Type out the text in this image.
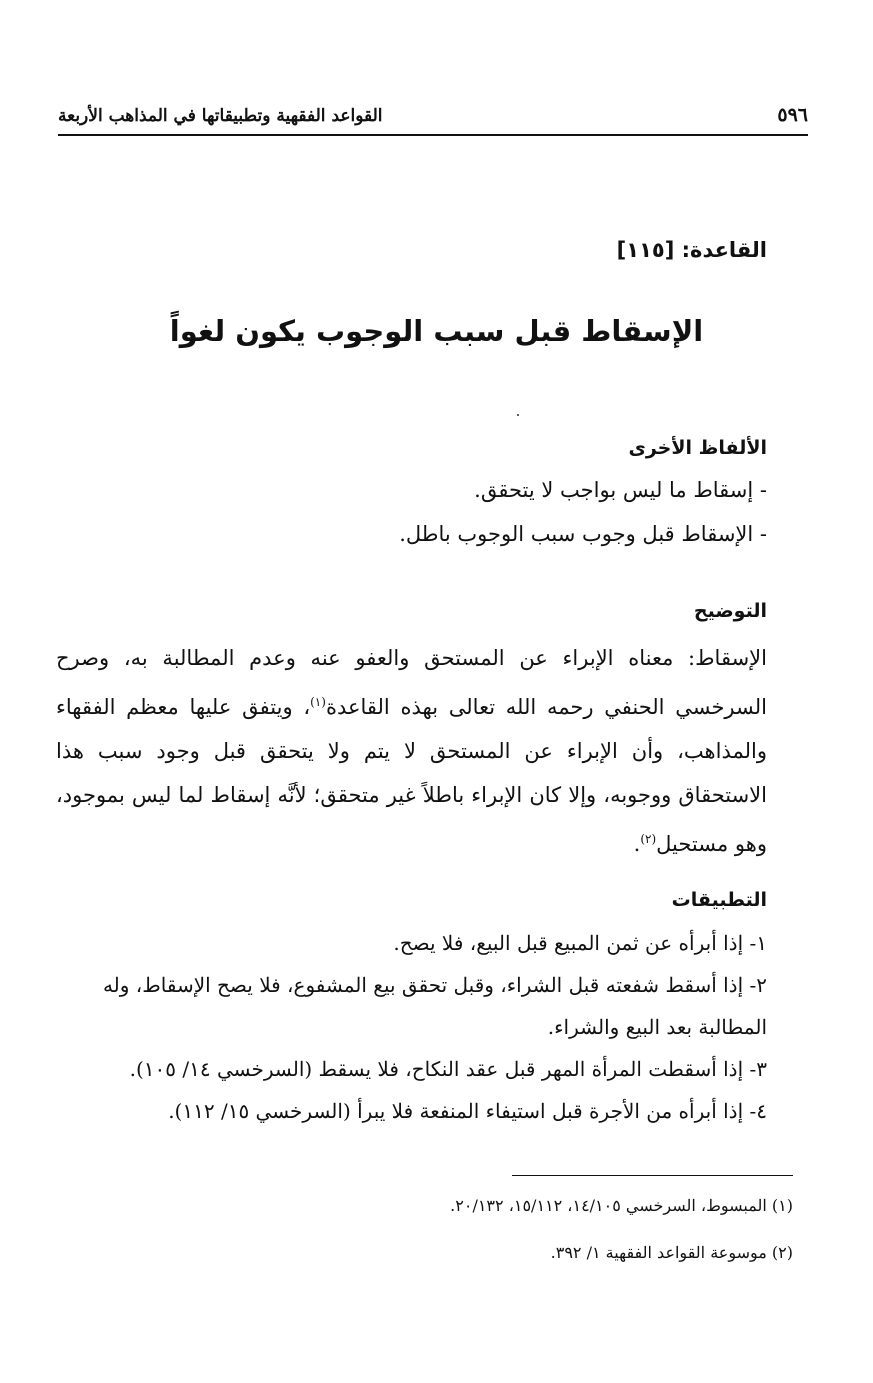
٥٩٦
القواعد الفقهية وتطبيقاتها في المذاهب الأربعة
القاعدة: [١١٥]
الإسقاط قبل سبب الوجوب يكون لغواً
الألفاظ الأخرى
- إسقاط ما ليس بواجب لا يتحقق.
- الإسقاط قبل وجوب سبب الوجوب باطل.
التوضيح
الإسقاط: معناه الإبراء عن المستحق والعفو عنه وعدم المطالبة به، وصرح السرخسي الحنفي رحمه الله تعالى بهذه القاعدة$^{(١)}$، ويتفق عليها معظم الفقهاء والمذاهب، وأن الإبراء عن المستحق لا يتم ولا يتحقق قبل وجود سبب هذا الاستحقاق ووجوبه، وإلا كان الإبراء باطلاً غير متحقق؛ لأنَّه إسقاط لما ليس بموجود، وهو مستحيل$^{(٢)}$.
التطبيقات
١- إذا أبرأه عن ثمن المبيع قبل البيع، فلا يصح.
٢- إذا أسقط شفعته قبل الشراء، وقبل تحقق بيع المشفوع، فلا يصح الإسقاط، وله المطالبة بعد البيع والشراء.
٣- إذا أسقطت المرأة المهر قبل عقد النكاح، فلا يسقط (السرخسي ١٤/ ١٠٥).
٤- إذا أبرأه من الأجرة قبل استيفاء المنفعة فلا يبرأ (السرخسي ١٥/ ١١٢).
(١) المبسوط، السرخسي ١٤/١٠٥، ١٥/١١٢، ٢٠/١٣٢.
(٢) موسوعة القواعد الفقهية ١/ ٣٩٢.
